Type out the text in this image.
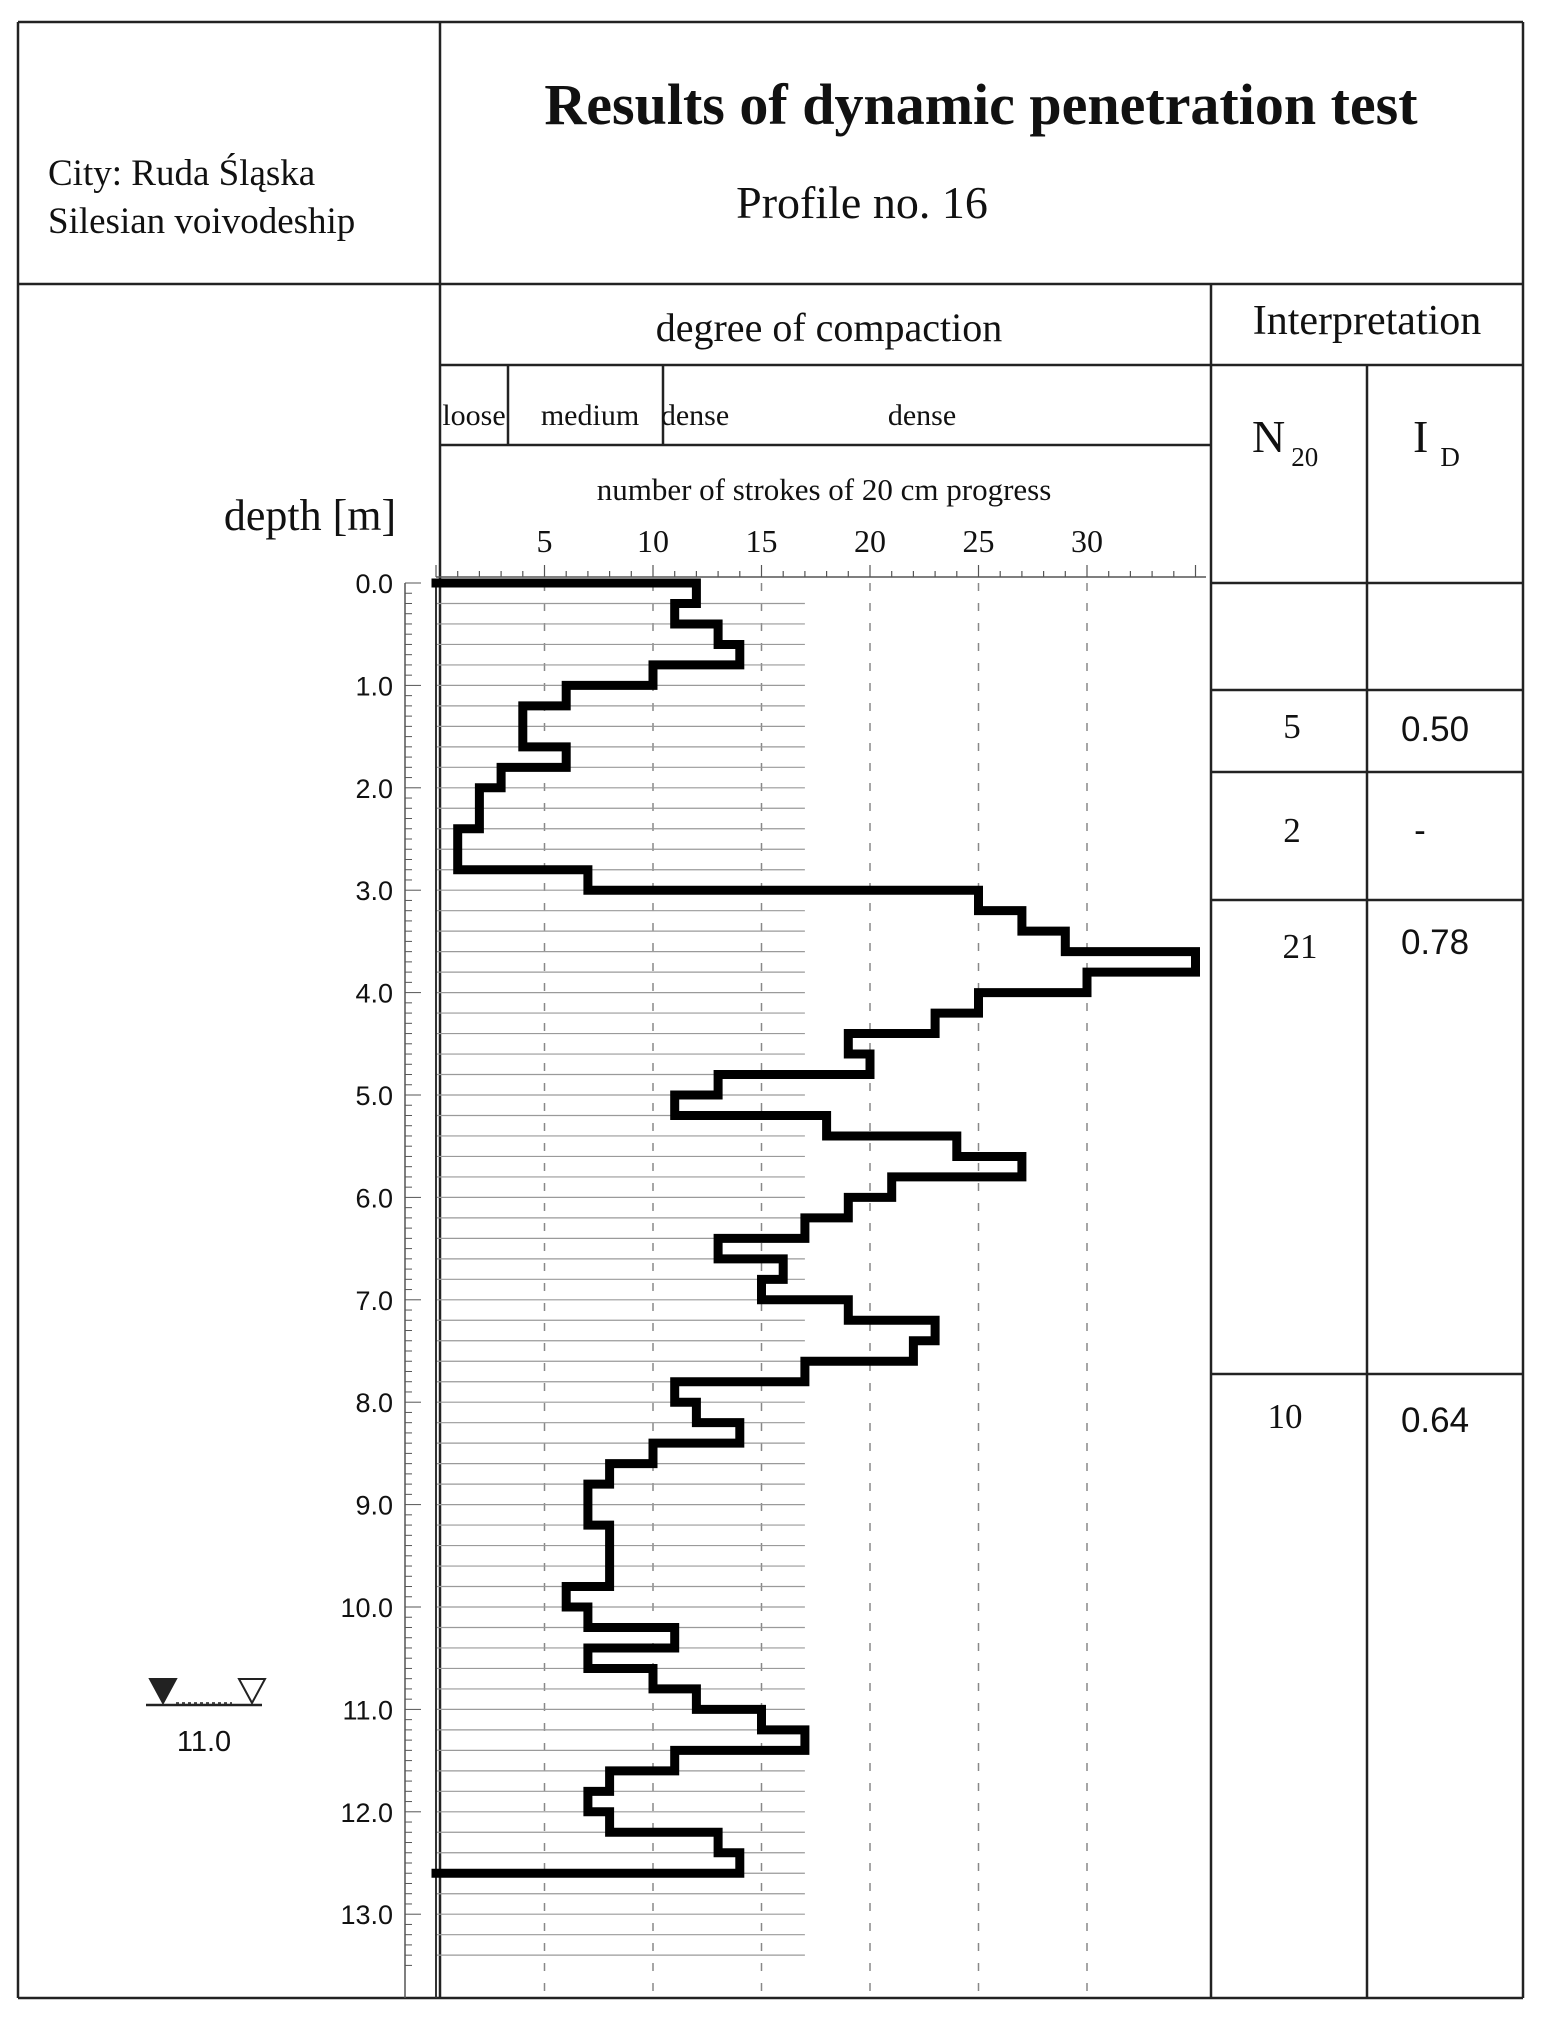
City: Ruda Śląska
Silesian voivodeship
Results of dynamic penetration test
Profile no. 16
degree of compaction
loose medium dense	dense
Interpretation
N $_{20}$ I $_D$
5	0.50
2	-
21 0.78
10	0.64
depth [m]
number of strokes of 20 cm progress
5	10 15 20 25 30
0.0
1.0
2.0
3.0
4.0
5.0
6.0
7.0
8.0
9.0
10.0
11.0
12.0
13.0
11.0
